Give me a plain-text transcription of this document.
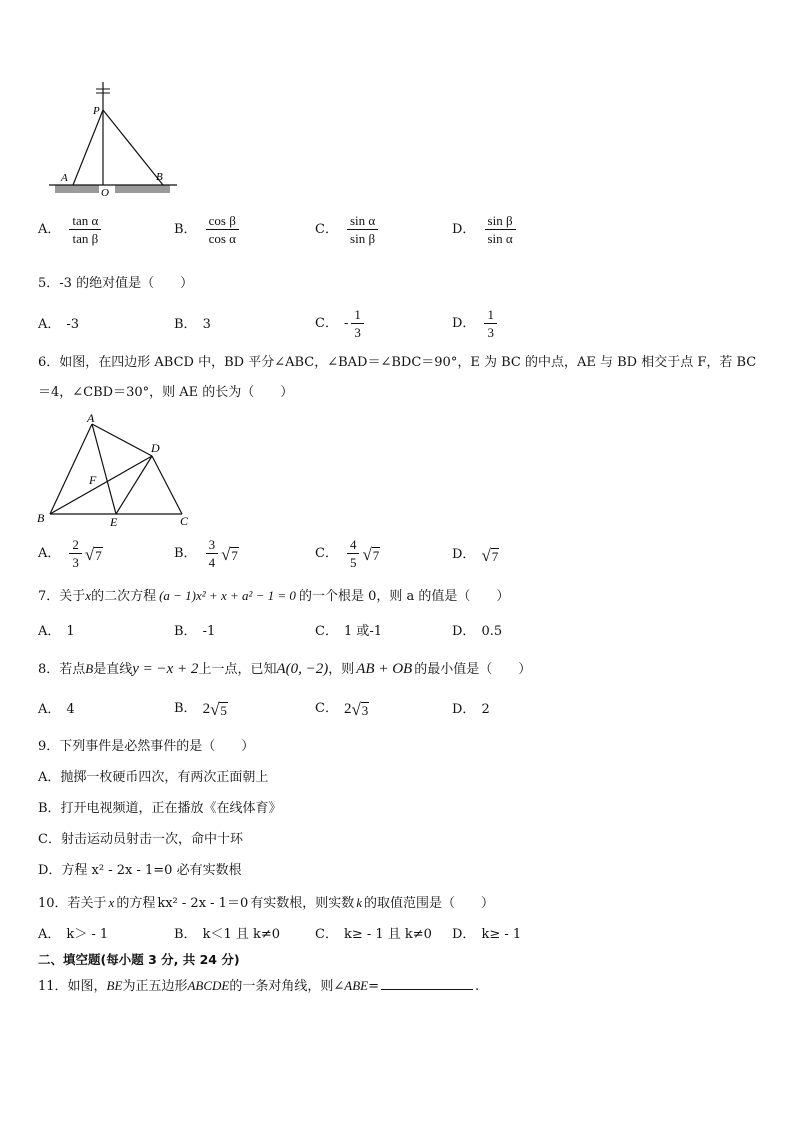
P
A
O
B
A． $\frac{\text{tan α}}{\text{tan β}}$	B． $\frac{\text{cos β}}{\text{cos α}}$	C． $\frac{\text{sin α}}{\text{sin β}}$	D． $\frac{\text{sin β}}{\text{sin α}}$
5．-3 的绝对值是（　　）
A． -3	B． 3	C． - $\frac{1}{3}$	D． $\frac{1}{3}$
6．如图，在四边形 ABCD 中，BD 平分∠ABC，∠BAD＝∠BDC＝90°，E 为 BC 的中点，AE 与 BD 相交于点 F，若 BC
＝4，∠CBD＝30°，则 AE 的长为（　　）
A
D
F
B	E	C
A． $\frac{2}{3}$ √ 7	B． $\frac{3}{4}$ √ 7	C． $\frac{4}{5}$ √ 7	D． √ 7
7．关于x的二次方程 (a − 1)x² + x + a² − 1 = 0 的一个根是 0，则 a 的值是（　　）
A． 1	B． -1	C． 1 或-1	D． 0.5
8．若点B是直线y = −x + 2上一点，已知A(0, −2)，则 AB + OB 的最小值是（　　）
A． 4	B． 2 √ 5	C． 2 √ 3	D． 2
9．下列事件是必然事件的是（　　）
A．抛掷一枚硬币四次，有两次正面朝上
B．打开电视频道，正在播放《在线体育》
C．射击运动员射击一次，命中十环
D．方程 x² - 2x - 1=0 必有实数根
10．若关于 x 的方程 kx² - 2x - 1＝0 有实数根，则实数 k 的取值范围是（　　）
A． k＞ - 1	B． k＜1 且 k≠0	C． k≥ - 1 且 k≠0 D． k≥ - 1
二、填空题(每小题 3 分, 共 24 分)
11．如图，BE为正五边形ABCDE的一条对角线，则∠ABE=	.
